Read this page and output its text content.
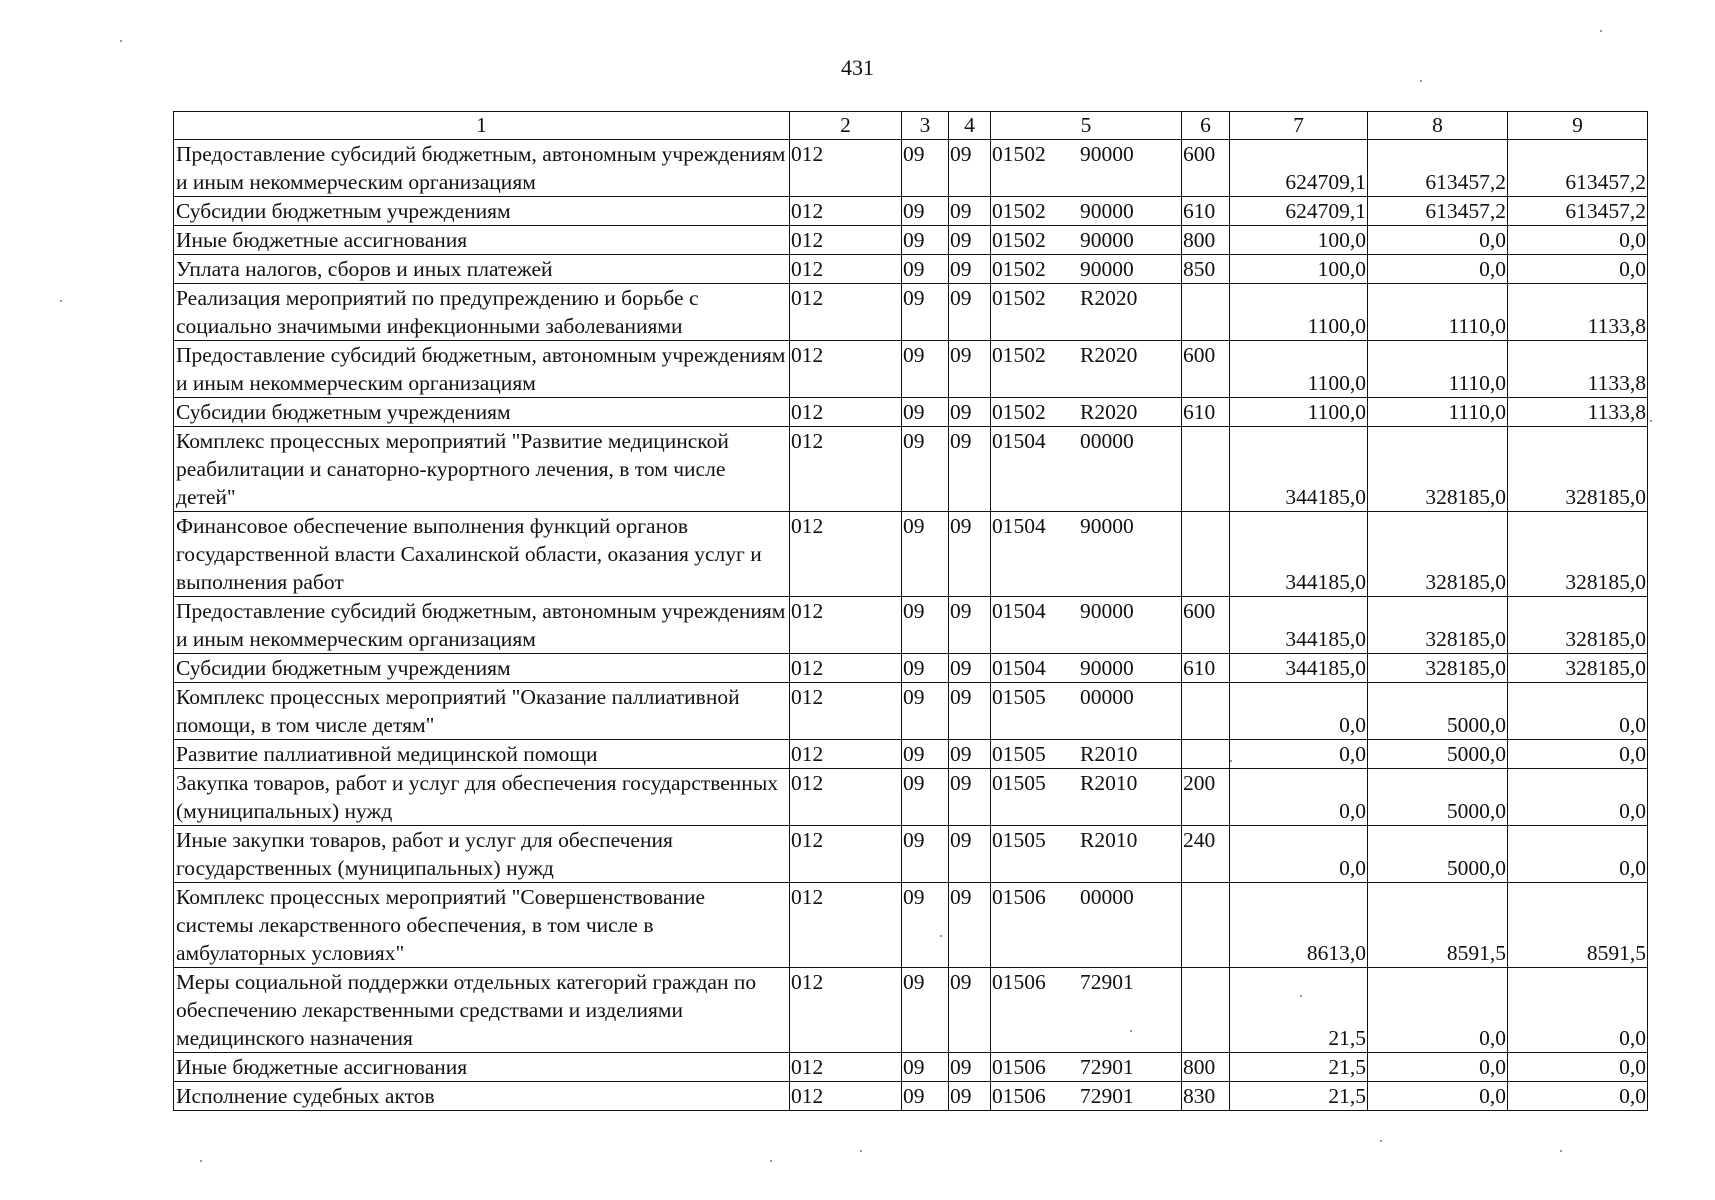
431
1	2	3	4	5	6	7	8	9
Предоставление субсидий бюджетным, автономным учреждениям и иным некоммерческим организациям	012	09	09	01502 90000	600	624709,1	613457,2	613457,2
Субсидии бюджетным учреждениям	012	09	09	01502 90000	610	624709,1	613457,2	613457,2
Иные бюджетные ассигнования	012	09	09	01502 90000	800	100,0	0,0	0,0
Уплата налогов, сборов и иных платежей	012	09	09	01502 90000	850	100,0	0,0	0,0
Реализация мероприятий по предупреждению и борьбе с социально значимыми инфекционными заболеваниями	012	09	09	01502 R2020		1100,0	1110,0	1133,8
Предоставление субсидий бюджетным, автономным учреждениям и иным некоммерческим организациям	012	09	09	01502 R2020	600	1100,0	1110,0	1133,8
Субсидии бюджетным учреждениям	012	09	09	01502 R2020	610	1100,0	1110,0	1133,8
Комплекс процессных мероприятий "Развитие медицинской реабилитации и санаторно-курортного лечения, в том числе детей"	012	09	09	01504 00000		344185,0	328185,0	328185,0
Финансовое обеспечение выполнения функций органов государственной власти Сахалинской области, оказания услуг и выполнения работ	012	09	09	01504 90000		344185,0	328185,0	328185,0
Предоставление субсидий бюджетным, автономным учреждениям и иным некоммерческим организациям	012	09	09	01504 90000	600	344185,0	328185,0	328185,0
Субсидии бюджетным учреждениям	012	09	09	01504 90000	610	344185,0	328185,0	328185,0
Комплекс процессных мероприятий "Оказание паллиативной помощи, в том числе детям"	012	09	09	01505 00000		0,0	5000,0	0,0
Развитие паллиативной медицинской помощи	012	09	09	01505 R2010		0,0	5000,0	0,0
Закупка товаров, работ и услуг для обеспечения государственных (муниципальных) нужд	012	09	09	01505 R2010	200	0,0	5000,0	0,0
Иные закупки товаров, работ и услуг для обеспечения государственных (муниципальных) нужд	012	09	09	01505 R2010	240	0,0	5000,0	0,0
Комплекс процессных мероприятий "Совершенствование системы лекарственного обеспечения, в том числе в амбулаторных условиях"	012	09	09	01506 00000		8613,0	8591,5	8591,5
Меры социальной поддержки отдельных категорий граждан по обеспечению лекарственными средствами и изделиями медицинского назначения	012	09	09	01506 72901		21,5	0,0	0,0
Иные бюджетные ассигнования	012	09	09	01506 72901	800	21,5	0,0	0,0
Исполнение судебных актов	012	09	09	01506 72901	830	21,5	0,0	0,0
